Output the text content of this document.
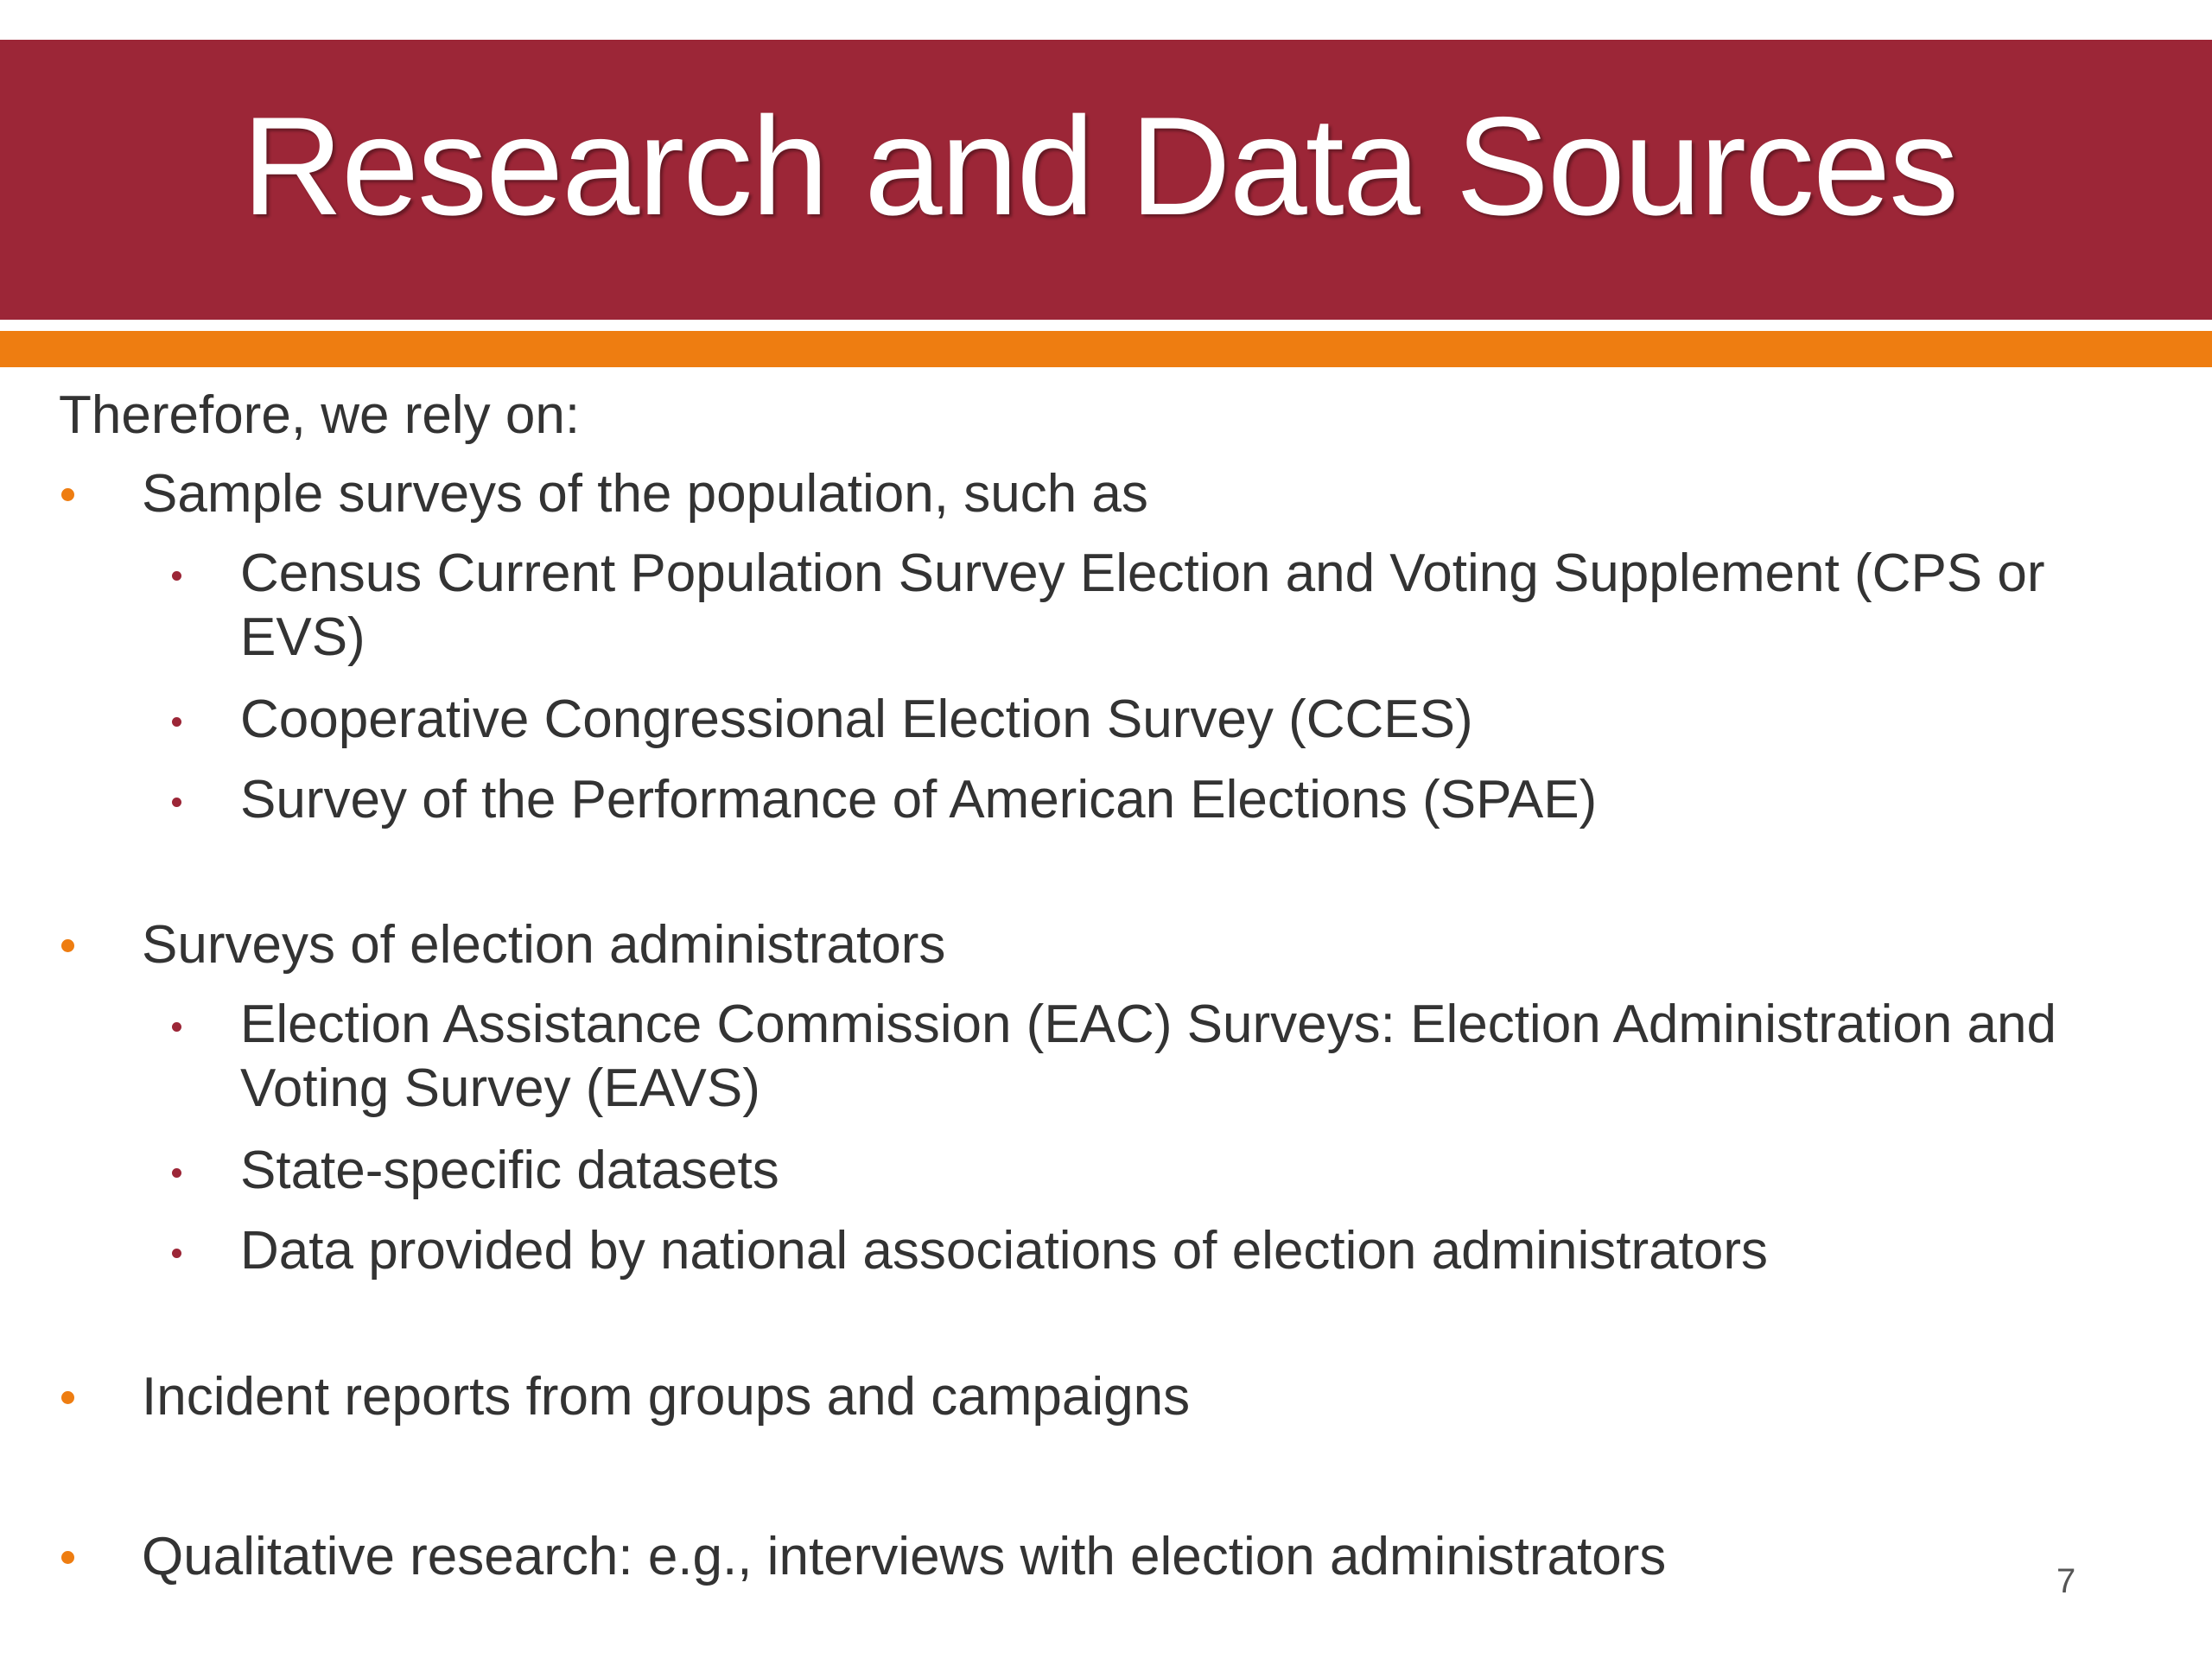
Research and Data Sources
Therefore, we rely on:
Sample surveys of the population, such as
Census Current Population Survey Election and Voting Supplement (CPS or EVS)
Cooperative Congressional Election Survey (CCES)
Survey of the Performance of American Elections (SPAE)
Surveys of election administrators
Election Assistance Commission (EAC) Surveys: Election Administration and Voting Survey (EAVS)
State-specific datasets
Data provided by national associations of election administrators
Incident reports from groups and campaigns
Qualitative research: e.g., interviews with election administrators	7
